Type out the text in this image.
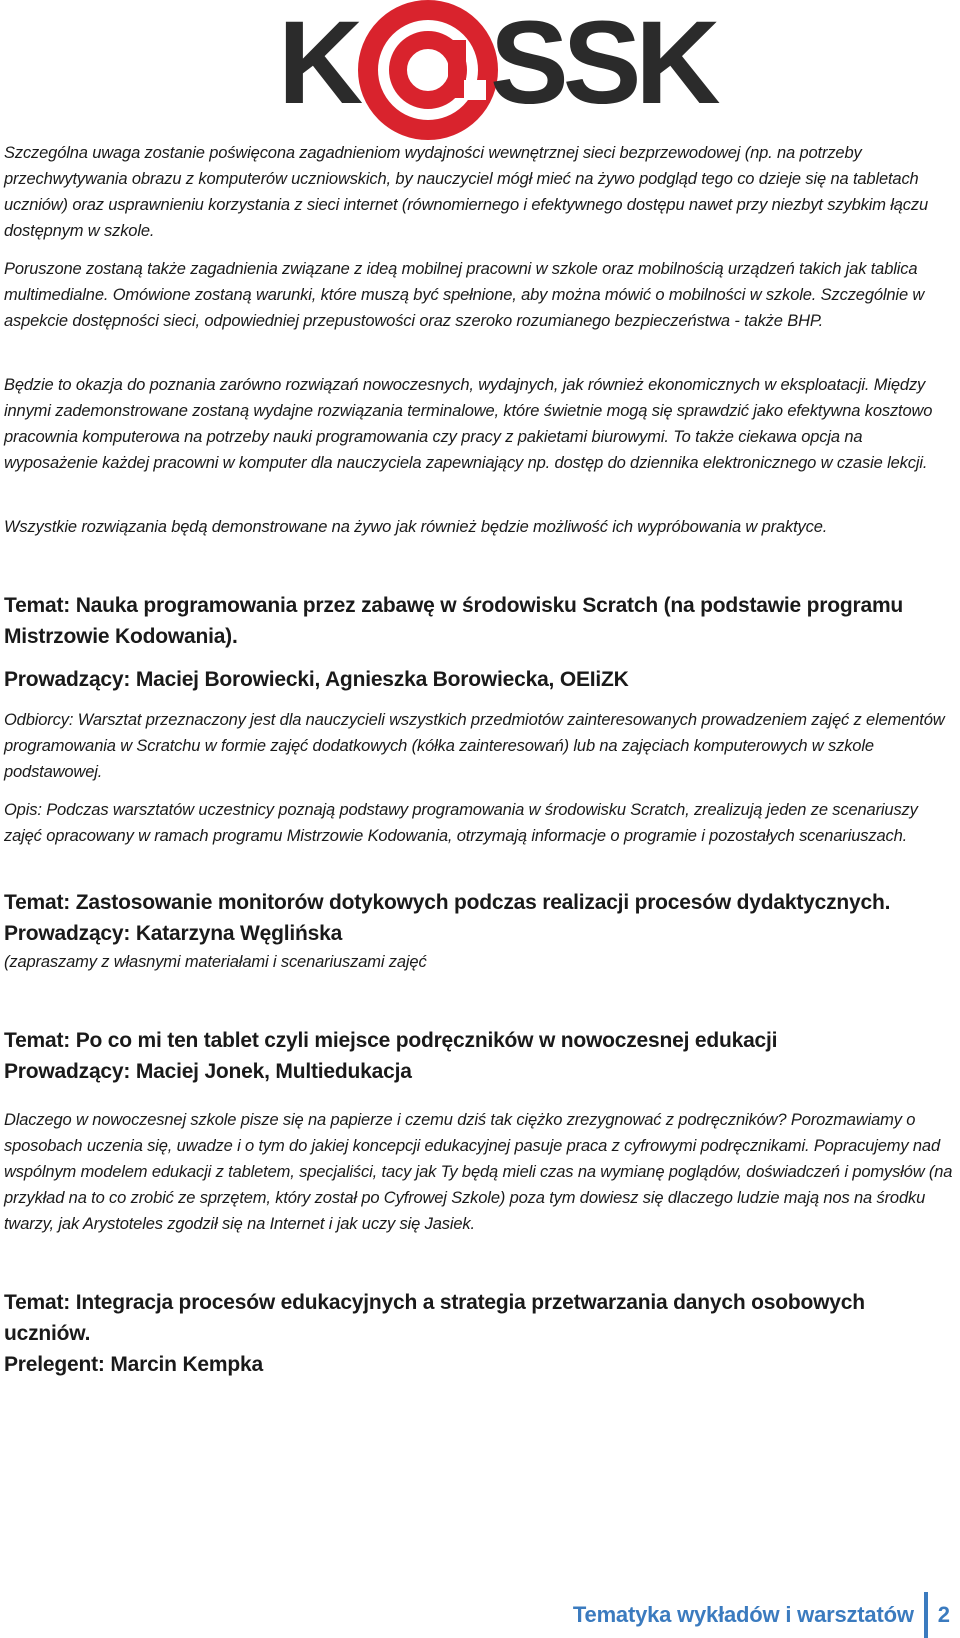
K SSK

Szczególna uwaga zostanie poświęcona zagadnieniom wydajności wewnętrznej sieci bezprzewodowej (np. na potrzeby przechwytywania obrazu z komputerów uczniowskich, by nauczyciel mógł mieć na żywo podgląd tego co dzieje się na tabletach uczniów) oraz usprawnieniu korzystania z sieci internet (równomiernego i efektywnego dostępu nawet przy niezbyt szybkim łączu dostępnym w szkole.

Poruszone zostaną także zagadnienia związane z ideą mobilnej pracowni w szkole oraz mobilnością urządzeń takich jak tablica multimedialne. Omówione zostaną warunki, które muszą być spełnione, aby można mówić o mobilności w szkole. Szczególnie w aspekcie dostępności sieci, odpowiedniej przepustowości oraz szeroko rozumianego bezpieczeństwa - także BHP.

Będzie to okazja do poznania zarówno rozwiązań nowoczesnych, wydajnych, jak również ekonomicznych w eksploatacji. Między innymi zademonstrowane zostaną wydajne rozwiązania terminalowe, które świetnie mogą się sprawdzić jako efektywna kosztowo pracownia komputerowa na potrzeby nauki programowania czy pracy z pakietami biurowymi. To także ciekawa opcja na wyposażenie każdej pracowni w komputer dla nauczyciela zapewniający np. dostęp do dziennika elektronicznego w czasie lekcji.

Wszystkie rozwiązania będą demonstrowane na żywo jak również będzie możliwość ich wypróbowania w praktyce.

Temat: Nauka programowania przez zabawę w środowisku Scratch (na podstawie programu Mistrzowie Kodowania).
Prowadzący: Maciej Borowiecki, Agnieszka Borowiecka, OEIiZK

Odbiorcy: Warsztat przeznaczony jest dla nauczycieli wszystkich przedmiotów zainteresowanych prowadzeniem zajęć z elementów programowania w Scratchu w formie zajęć dodatkowych (kółka zainteresowań) lub na zajęciach komputerowych w szkole podstawowej.

Opis: Podczas warsztatów uczestnicy poznają podstawy programowania w środowisku Scratch, zrealizują jeden ze scenariuszy zajęć opracowany w ramach programu Mistrzowie Kodowania, otrzymają informacje o programie i pozostałych scenariuszach.

Temat: Zastosowanie monitorów dotykowych podczas realizacji procesów dydaktycznych.
Prowadzący: Katarzyna Węglińska

(zapraszamy z własnymi materiałami i scenariuszami zajęć

Temat: Po co mi ten tablet czyli miejsce podręczników w nowoczesnej edukacji
Prowadzący: Maciej Jonek, Multiedukacja

Dlaczego w nowoczesnej szkole pisze się na papierze i czemu dziś tak ciężko zrezygnować z podręczników? Porozmawiamy o sposobach uczenia się, uwadze i o tym do jakiej koncepcji edukacyjnej pasuje praca z cyfrowymi podręcznikami. Popracujemy nad wspólnym modelem edukacji z tabletem, specjaliści, tacy jak Ty będą mieli czas na wymianę poglądów, doświadczeń i pomysłów (na przykład na to co zrobić ze sprzętem, który został po Cyfrowej Szkole) poza tym dowiesz się dlaczego ludzie mają nos na środku twarzy, jak Arystoteles zgodził się na Internet i jak uczy się Jasiek.

Temat: Integracja procesów edukacyjnych a strategia przetwarzania danych osobowych uczniów.
Prelegent: Marcin Kempka
Tematyka wykładów i warsztatów 2
